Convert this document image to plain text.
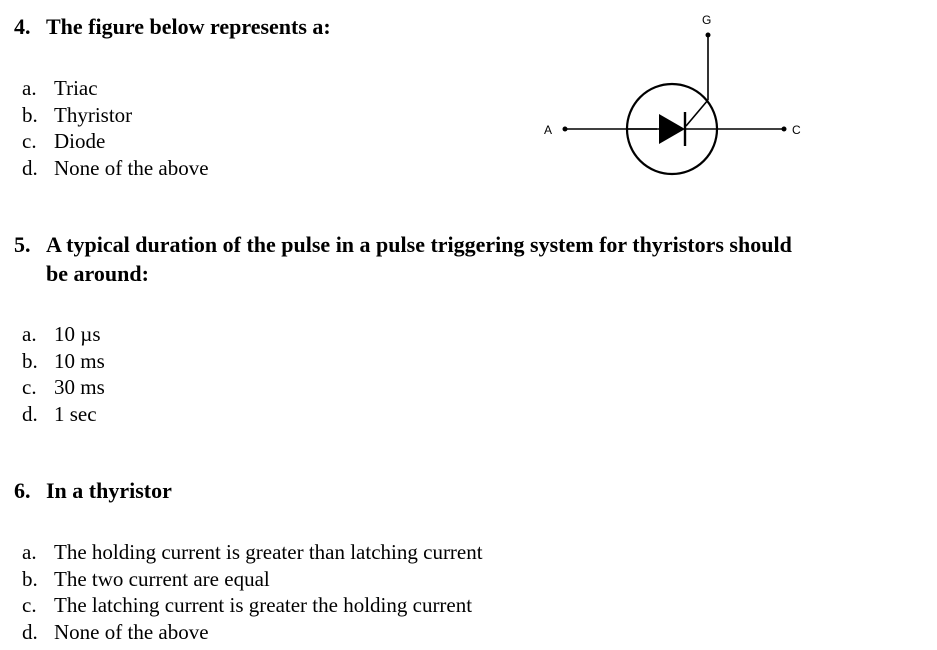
4. The figure below represents a:
a. Triac
b. Thyristor
c. Diode
d. None of the above
G
A	C
5. A typical duration of the pulse in a pulse triggering system for thyristors should
be around:
a. 10 µs
b. 10 ms
c. 30 ms
d. 1 sec
6. In a thyristor
a. The holding current is greater than latching current
b. The two current are equal
c. The latching current is greater the holding current
d. None of the above
